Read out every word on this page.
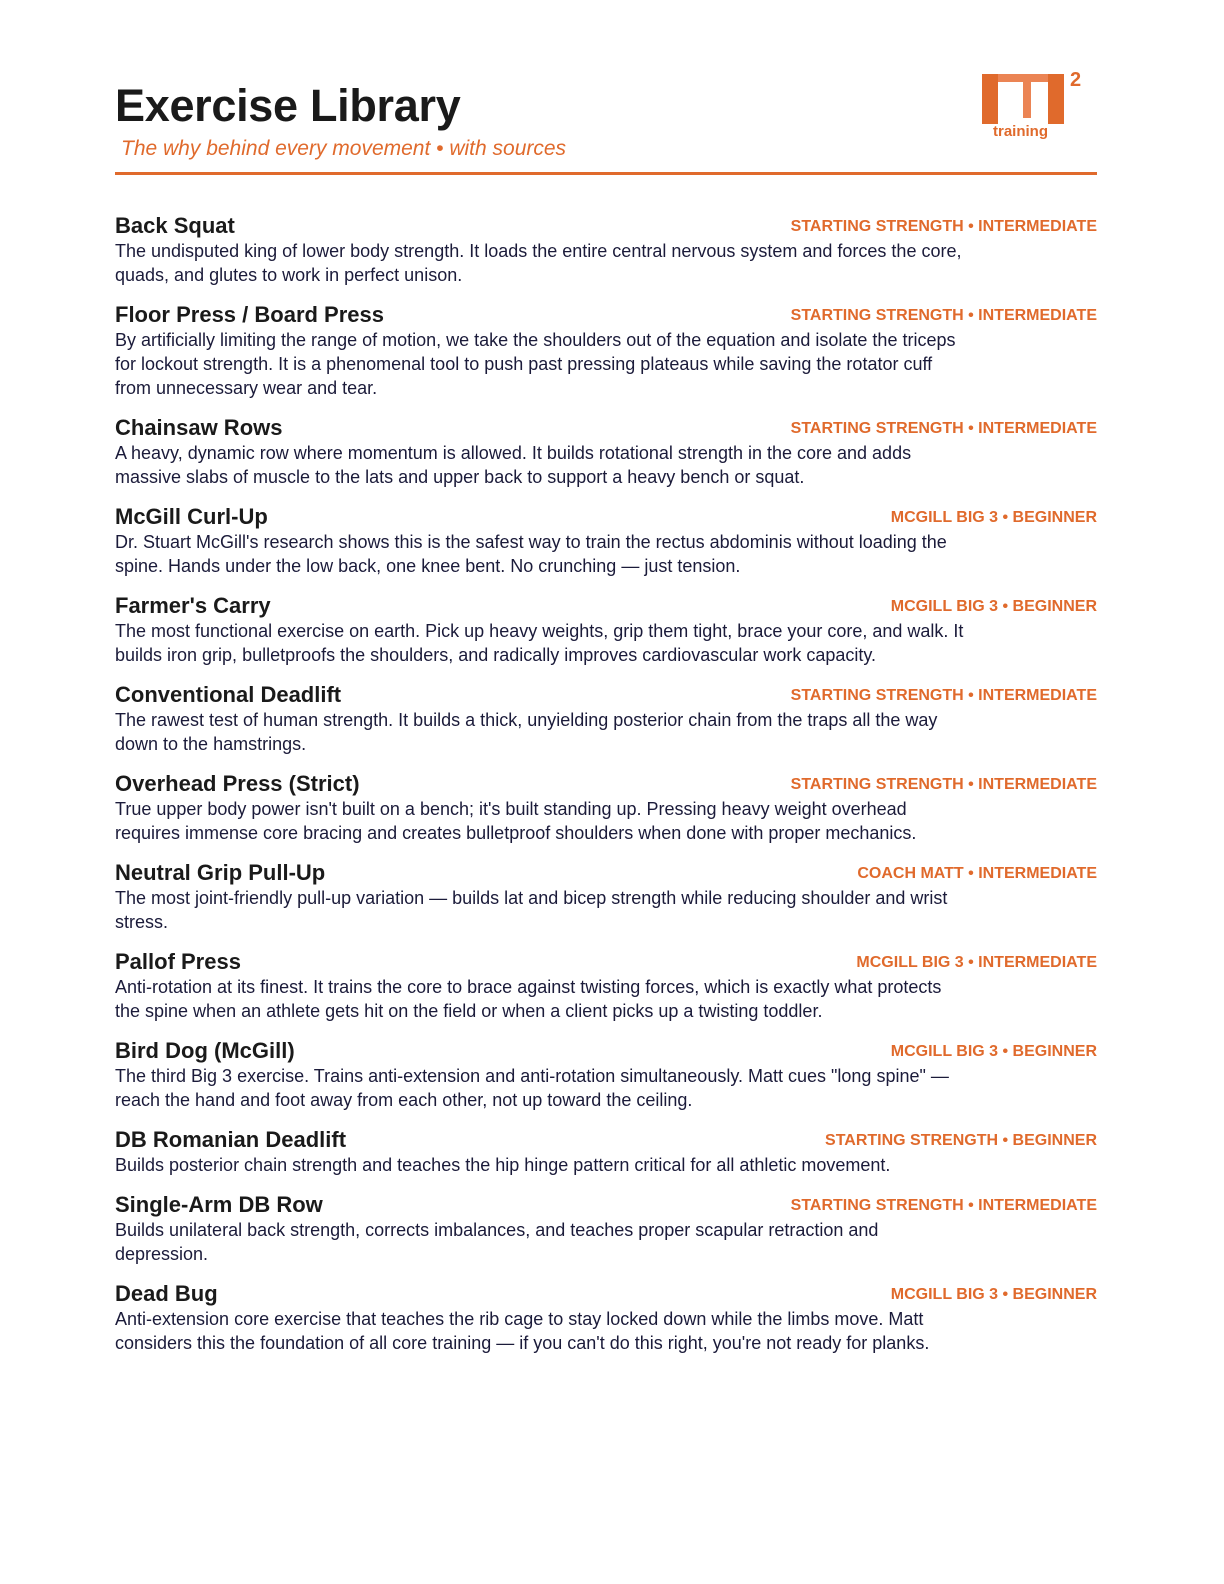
Exercise Library
The why behind every movement • with sources
2
training
Back Squat	STARTING STRENGTH • INTERMEDIATE
The undisputed king of lower body strength. It loads the entire central nervous system and forces the core, quads, and glutes to work in perfect unison.
Floor Press / Board Press	STARTING STRENGTH • INTERMEDIATE
By artificially limiting the range of motion, we take the shoulders out of the equation and isolate the triceps for lockout strength. It is a phenomenal tool to push past pressing plateaus while saving the rotator cuff from unnecessary wear and tear.
Chainsaw Rows	STARTING STRENGTH • INTERMEDIATE
A heavy, dynamic row where momentum is allowed. It builds rotational strength in the core and adds massive slabs of muscle to the lats and upper back to support a heavy bench or squat.
McGill Curl-Up	MCGILL BIG 3 • BEGINNER
Dr. Stuart McGill's research shows this is the safest way to train the rectus abdominis without loading the spine. Hands under the low back, one knee bent. No crunching — just tension.
Farmer's Carry	MCGILL BIG 3 • BEGINNER
The most functional exercise on earth. Pick up heavy weights, grip them tight, brace your core, and walk. It builds iron grip, bulletproofs the shoulders, and radically improves cardiovascular work capacity.
Conventional Deadlift	STARTING STRENGTH • INTERMEDIATE
The rawest test of human strength. It builds a thick, unyielding posterior chain from the traps all the way down to the hamstrings.
Overhead Press (Strict)	STARTING STRENGTH • INTERMEDIATE
True upper body power isn't built on a bench; it's built standing up. Pressing heavy weight overhead requires immense core bracing and creates bulletproof shoulders when done with proper mechanics.
Neutral Grip Pull-Up	COACH MATT • INTERMEDIATE
The most joint-friendly pull-up variation — builds lat and bicep strength while reducing shoulder and wrist stress.
Pallof Press	MCGILL BIG 3 • INTERMEDIATE
Anti-rotation at its finest. It trains the core to brace against twisting forces, which is exactly what protects the spine when an athlete gets hit on the field or when a client picks up a twisting toddler.
Bird Dog (McGill)	MCGILL BIG 3 • BEGINNER
The third Big 3 exercise. Trains anti-extension and anti-rotation simultaneously. Matt cues "long spine" — reach the hand and foot away from each other, not up toward the ceiling.
DB Romanian Deadlift	STARTING STRENGTH • BEGINNER
Builds posterior chain strength and teaches the hip hinge pattern critical for all athletic movement.
Single-Arm DB Row	STARTING STRENGTH • INTERMEDIATE
Builds unilateral back strength, corrects imbalances, and teaches proper scapular retraction and depression.
Dead Bug	MCGILL BIG 3 • BEGINNER
Anti-extension core exercise that teaches the rib cage to stay locked down while the limbs move. Matt considers this the foundation of all core training — if you can't do this right, you're not ready for planks.
